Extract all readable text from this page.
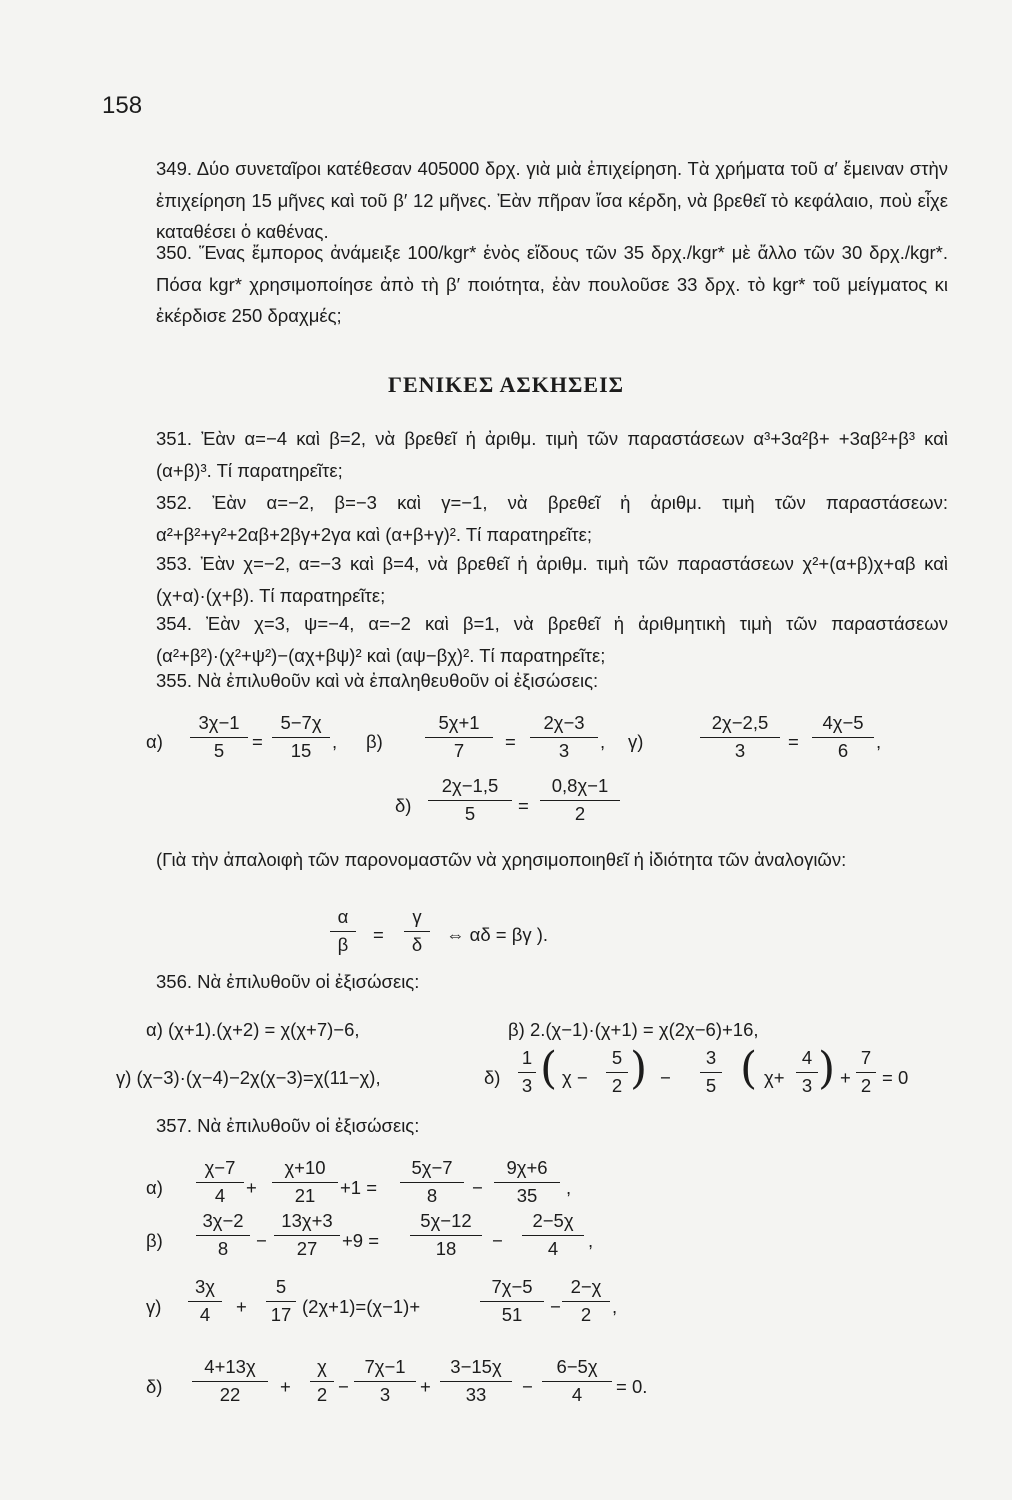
158
349. Δύο συνεταῖροι κατέθεσαν 405000 δρχ. γιὰ μιὰ ἐπιχείρηση. Τὰ χρήματα τοῦ α′ ἔμειναν στὴν ἐπιχείρηση 15 μῆνες καὶ τοῦ β′ 12 μῆνες. Ἐὰν πῆραν ἴσα κέρδη, νὰ βρεθεῖ τὸ κεφάλαιο, ποὺ εἶχε καταθέσει ὁ καθένας.
350. Ἕνας ἔμπορος ἀνάμειξε 100/kgr* ἑνὸς εἴδους τῶν 35 δρχ./kgr* μὲ ἄλλο τῶν 30 δρχ./kgr*. Πόσα kgr* χρησιμοποίησε ἀπὸ τὴ β′ ποιότητα, ἐὰν πουλοῦσε 33 δρχ. τὸ kgr* τοῦ μείγματος κι ἐκέρδισε 250 δραχμές;
ΓΕΝΙΚΕΣ ΑΣΚΗΣΕΙΣ
351. Ἐὰν α=−4 καὶ β=2, νὰ βρεθεῖ ἡ ἀριθμ. τιμὴ τῶν παραστάσεων α³+3α²β+ +3αβ²+β³ καὶ (α+β)³. Τί παρατηρεῖτε;
352. Ἐὰν α=−2, β=−3 καὶ γ=−1, νὰ βρεθεῖ ἡ ἀριθμ. τιμὴ τῶν παραστάσεων: α²+β²+γ²+2αβ+2βγ+2γα καὶ (α+β+γ)². Τί παρατηρεῖτε;
353. Ἐὰν χ=−2, α=−3 καὶ β=4, νὰ βρεθεῖ ἡ ἀριθμ. τιμὴ τῶν παραστάσεων χ²+(α+β)χ+αβ καὶ (χ+α)·(χ+β). Τί παρατηρεῖτε;
354. Ἐὰν χ=3, ψ=−4, α=−2 καὶ β=1, νὰ βρεθεῖ ἡ ἀριθμητικὴ τιμὴ τῶν παραστάσεων (α²+β²)·(χ²+ψ²)−(αχ+βψ)² καὶ (αψ−βχ)². Τί παρατηρεῖτε;
355. Νὰ ἐπιλυθοῦν καὶ νὰ ἐπαληθευθοῦν οἱ ἐξισώσεις:
$\alpha) \frac{3\chi-1}{5} = \frac{5-7\chi}{15}$ , $\beta) \frac{5\chi+1}{7} = \frac{2\chi-3}{3}$ , γ)	$\frac{2\chi-2,5}{3} = \frac{4\chi-5}{6}$ ,
$\delta) \frac{2\chi-1,5}{5} = \frac{0,8\chi-1}{2}$
(Γιὰ τὴν ἀπαλοιφὴ τῶν παρονομαστῶν νὰ χρησιμοποιηθεῖ ἡ ἰδιότητα τῶν ἀναλογιῶν:
$\frac{\alpha}{\beta} = \frac{\gamma}{\delta}$ ⇔ αδ = βγ ).
356. Νὰ ἐπιλυθοῦν οἱ ἐξισώσεις:
α) (χ+1).(χ+2) = χ(χ+7)−6,	β) 2.(χ−1)·(χ+1) = χ(2χ−6)+16,
γ) (χ−3)·(χ−4)−2χ(χ−3)=χ(11−χ),	$\delta) \frac{1}{3}$ ( $\chi - \frac{5}{2}$ ) − $\frac{3}{5}$ ( $\chi+ \frac{4}{3}$ ) + $\frac{7}{2} = 0$
357. Νὰ ἐπιλυθοῦν οἱ ἐξισώσεις:
$\alpha) \frac{\chi-7}{4} + \frac{\chi+10}{21} +1 = \frac{5\chi-7}{8} - \frac{9\chi+6}{35}$ ,
$\beta) \frac{3\chi-2}{8} - \frac{13\chi+3}{27} +9 = \frac{5\chi-12}{18} - \frac{2-5\chi}{4}$ ,
$\gamma) \frac{3\chi}{4} + \frac{5}{17} (2\chi+1)=(\chi-1)+$	$\frac{7\chi-5}{51} - \frac{2-\chi}{2}$ ,
$\delta) \frac{4+13\chi}{22} + \frac{\chi}{2} - \frac{7\chi-1}{3} + \frac{3-15\chi}{33} - \frac{6-5\chi}{4} = 0$.
